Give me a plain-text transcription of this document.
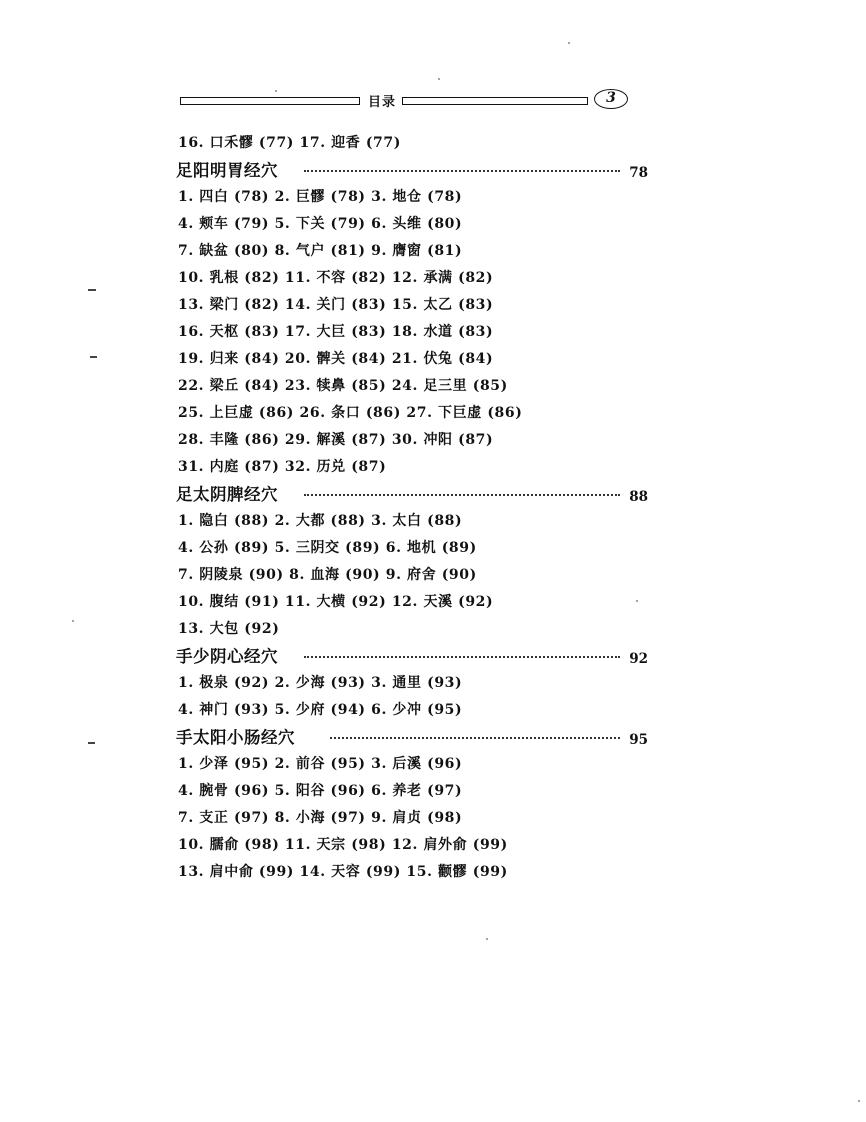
目录	3
16. 口禾髎 (77) 17. 迎香 (77)
足阳明胃经穴	78
1. 四白 (78) 2. 巨髎 (78) 3. 地仓 (78)
4. 颊车 (79) 5. 下关 (79) 6. 头维 (80)
7. 缺盆 (80) 8. 气户 (81) 9. 膺窗 (81)
10. 乳根 (82) 11. 不容 (82) 12. 承满 (82)
13. 梁门 (82) 14. 关门 (83) 15. 太乙 (83)
16. 天枢 (83) 17. 大巨 (83) 18. 水道 (83)
19. 归来 (84) 20. 髀关 (84) 21. 伏兔 (84)
22. 梁丘 (84) 23. 犊鼻 (85) 24. 足三里 (85)
25. 上巨虚 (86) 26. 条口 (86) 27. 下巨虚 (86)
28. 丰隆 (86) 29. 解溪 (87) 30. 冲阳 (87)
31. 内庭 (87) 32. 历兑 (87)
足太阴脾经穴	88
1. 隐白 (88) 2. 大都 (88) 3. 太白 (88)
4. 公孙 (89) 5. 三阴交 (89) 6. 地机 (89)
7. 阴陵泉 (90) 8. 血海 (90) 9. 府舍 (90)
10. 腹结 (91) 11. 大横 (92) 12. 天溪 (92)
13. 大包 (92)
手少阴心经穴	92
1. 极泉 (92) 2. 少海 (93) 3. 通里 (93)
4. 神门 (93) 5. 少府 (94) 6. 少冲 (95)
手太阳小肠经穴	95
1. 少泽 (95) 2. 前谷 (95) 3. 后溪 (96)
4. 腕骨 (96) 5. 阳谷 (96) 6. 养老 (97)
7. 支正 (97) 8. 小海 (97) 9. 肩贞 (98)
10. 臑俞 (98) 11. 天宗 (98) 12. 肩外俞 (99)
13. 肩中俞 (99) 14. 天容 (99) 15. 颧髎 (99)
